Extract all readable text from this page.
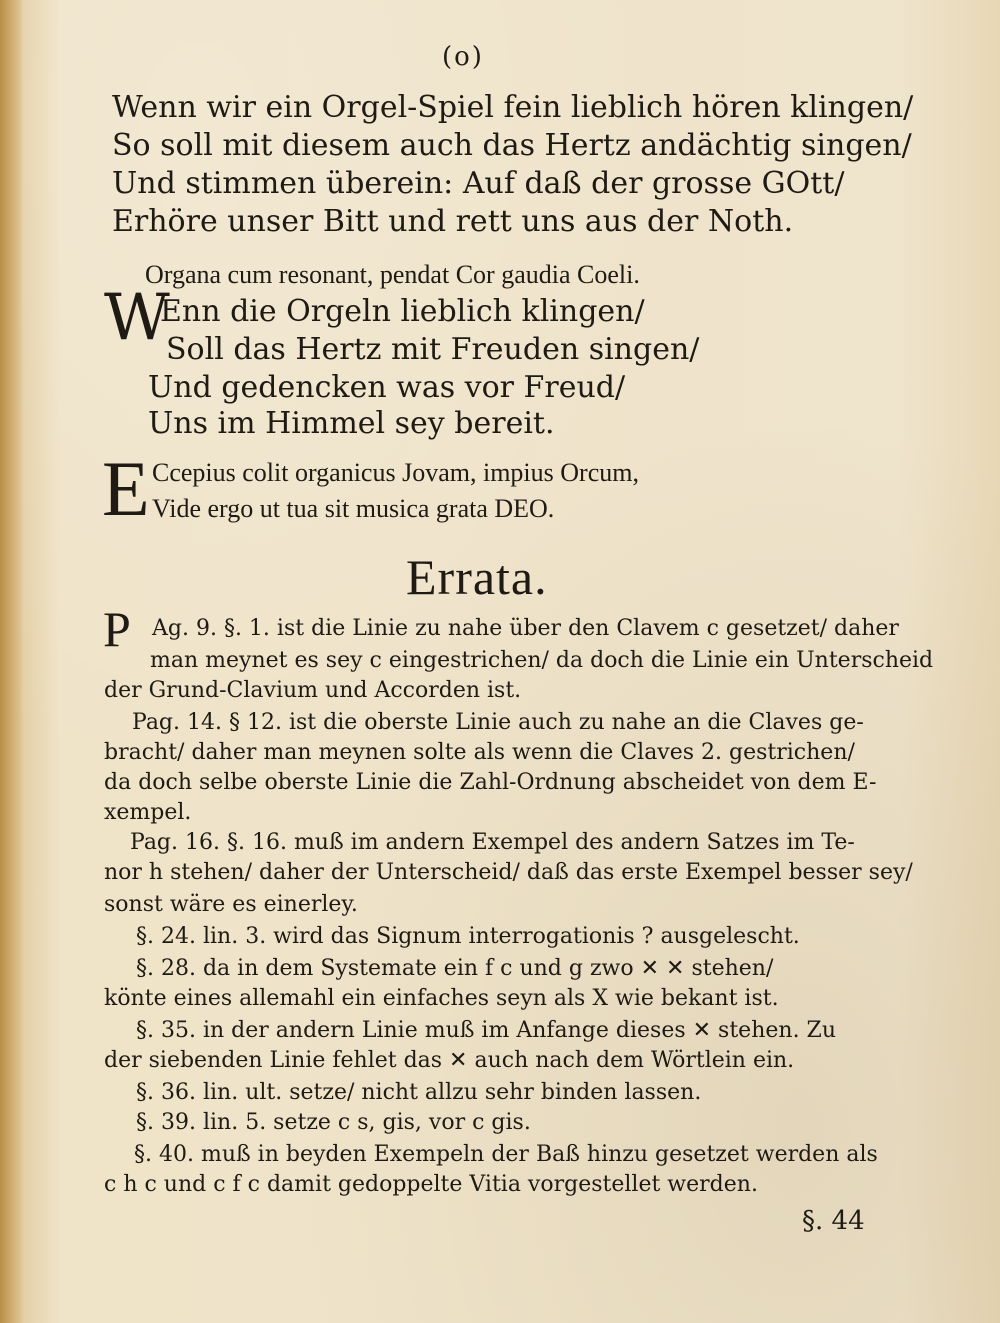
(o)
Wenn wir ein Orgel-Spiel fein lieblich hören klingen/
So soll mit diesem auch das Hertz andächtig singen/
Und stimmen überein: Auf daß der grosse GOtt/
Erhöre unser Bitt und rett uns aus der Noth.
Organa cum resonant, pendat Cor gaudia Coeli.
W
Enn die Orgeln lieblich klingen/
Soll das Hertz mit Freuden singen/
Und gedencken was vor Freud/
Uns im Himmel sey bereit.
E Ccepius colit organicus Jovam, impius Orcum,
Vide ergo ut tua sit musica grata DEO.
Errata.
P Ag. 9. §. 1. ist die Linie zu nahe über den Clavem c gesetzet/ daher
man meynet es sey c eingestrichen/ da doch die Linie ein Unterscheid
der Grund-Clavium und Accorden ist.
Pag. 14. § 12. ist die oberste Linie auch zu nahe an die Claves ge-
bracht/ daher man meynen solte als wenn die Claves 2. gestrichen/
da doch selbe oberste Linie die Zahl-Ordnung abscheidet von dem E-
xempel.
Pag. 16. §. 16. muß im andern Exempel des andern Satzes im Te-
nor h stehen/ daher der Unterscheid/ daß das erste Exempel besser sey/
sonst wäre es einerley.
§. 24. lin. 3. wird das Signum interrogationis ? ausgelescht.
§. 28. da in dem Systemate ein f c und g zwo ✕ ✕ stehen/
könte eines allemahl ein einfaches seyn als X wie bekant ist.
§. 35. in der andern Linie muß im Anfange dieses ✕ stehen. Zu
der siebenden Linie fehlet das ✕ auch nach dem Wörtlein ein.
§. 36. lin. ult. setze/ nicht allzu sehr binden lassen.
§. 39. lin. 5. setze c s, gis, vor c gis.
§. 40. muß in beyden Exempeln der Baß hinzu gesetzet werden als
c h c und c f c damit gedoppelte Vitia vorgestellet werden.
§. 44
